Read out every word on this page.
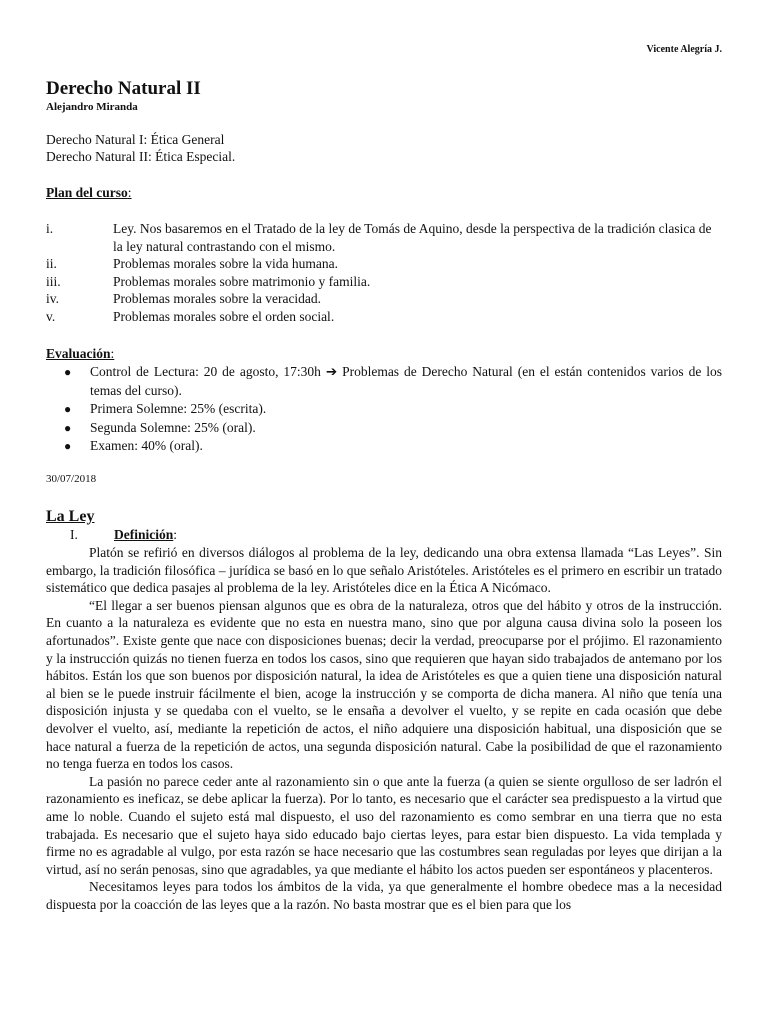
Vicente Alegría J.
Derecho Natural II
Alejandro Miranda
Derecho Natural I: Ética General
Derecho Natural II: Ética Especial.
Plan del curso:
i.	Ley. Nos basaremos en el Tratado de la ley de Tomás de Aquino, desde la perspectiva de la tradición clasica de la ley natural contrastando con el mismo.
ii.	Problemas morales sobre la vida humana.
iii.	Problemas morales sobre matrimonio y familia.
iv.	Problemas morales sobre la veracidad.
v.	Problemas morales sobre el orden social.
Evaluación:
●	Control de Lectura: 20 de agosto, 17:30h ➔ Problemas de Derecho Natural (en el están contenidos varios de los temas del curso).
●	Primera Solemne: 25% (escrita).
●	Segunda Solemne: 25% (oral).
●	Examen: 40% (oral).
30/07/2018
La Ley
I.	Definición :

Platón se refirió en diversos diálogos al problema de la ley, dedicando una obra extensa llamada “Las Leyes”. Sin embargo, la tradición filosófica – jurídica se basó en lo que señalo Aristóteles. Aristóteles es el primero en escribir un tratado sistemático que dedica pasajes al problema de la ley. Aristóteles dice en la Ética A Nicómaco.

“El llegar a ser buenos piensan algunos que es obra de la naturaleza, otros que del hábito y otros de la instrucción. En cuanto a la naturaleza es evidente que no esta en nuestra mano, sino que por alguna causa divina solo la poseen los afortunados”. Existe gente que nace con disposiciones buenas; decir la verdad, preocuparse por el prójimo. El razonamiento y la instrucción quizás no tienen fuerza en todos los casos, sino que requieren que hayan sido trabajados de antemano por los hábitos. Están los que son buenos por disposición natural, la idea de Aristóteles es que a quien tiene una disposición natural al bien se le puede instruir fácilmente el bien, acoge la instrucción y se comporta de dicha manera. Al niño que tenía una disposición injusta y se quedaba con el vuelto, se le ensaña a devolver el vuelto, y se repite en cada ocasión que debe devolver el vuelto, así, mediante la repetición de actos, el niño adquiere una disposición habitual, una disposición que se hace natural a fuerza de la repetición de actos, una segunda disposición natural. Cabe la posibilidad de que el razonamiento no tenga fuerza en todos los casos.

La pasión no parece ceder ante al razonamiento sin o que ante la fuerza (a quien se siente orgulloso de ser ladrón el razonamiento es ineficaz, se debe aplicar la fuerza). Por lo tanto, es necesario que el carácter sea predispuesto a la virtud que ame lo noble. Cuando el sujeto está mal dispuesto, el uso del razonamiento es como sembrar en una tierra que no esta trabajada. Es necesario que el sujeto haya sido educado bajo ciertas leyes, para estar bien dispuesto. La vida templada y firme no es agradable al vulgo, por esta razón se hace necesario que las costumbres sean reguladas por leyes que dirijan a la virtud, así no serán penosas, sino que agradables, ya que mediante el hábito los actos pueden ser espontáneos y placenteros.

Necesitamos leyes para todos los ámbitos de la vida, ya que generalmente el hombre obedece mas a la necesidad dispuesta por la coacción de las leyes que a la razón. No basta mostrar que es el bien para que los
